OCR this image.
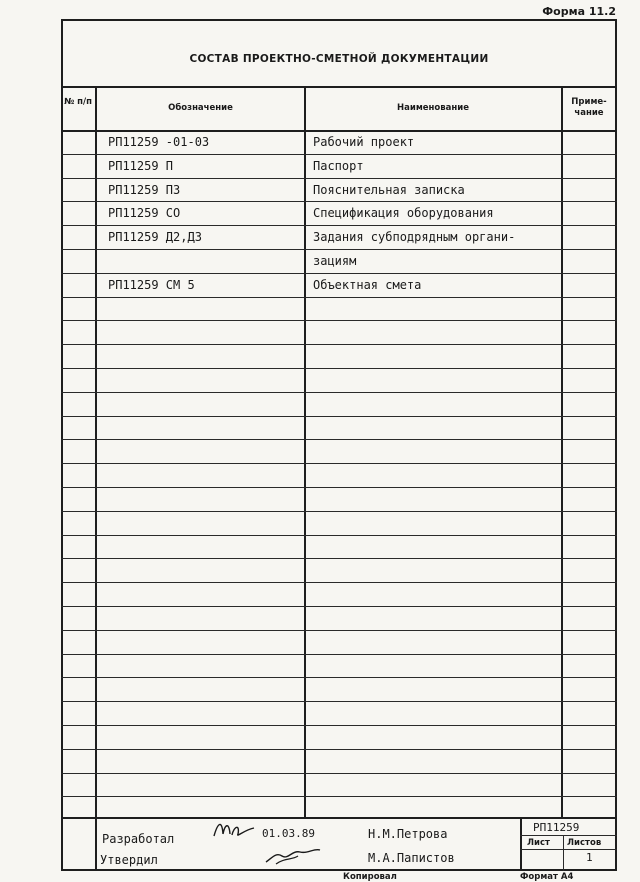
Форма 11.2
СОСТАВ ПРОЕКТНО-СМЕТНОЙ ДОКУМЕНТАЦИИ
№ п/п
Обозначение	Наименование
Приме- чание
РП11259 -01-03	Рабочий проект
РП11259 П	Паспорт
РП11259 ПЗ	Пояснительная записка
РП11259 СО	Спецификация оборудования
РП11259 Д2,ДЗ	Задания субподрядным органи-
зациям
РП11259 СМ 5	Объектная смета
Разработал
Утвердил
01.03.89	Н.М.Петрова
М.А.Папистов
РП11259
Лист Листов
1
Копировал	Формат А4
